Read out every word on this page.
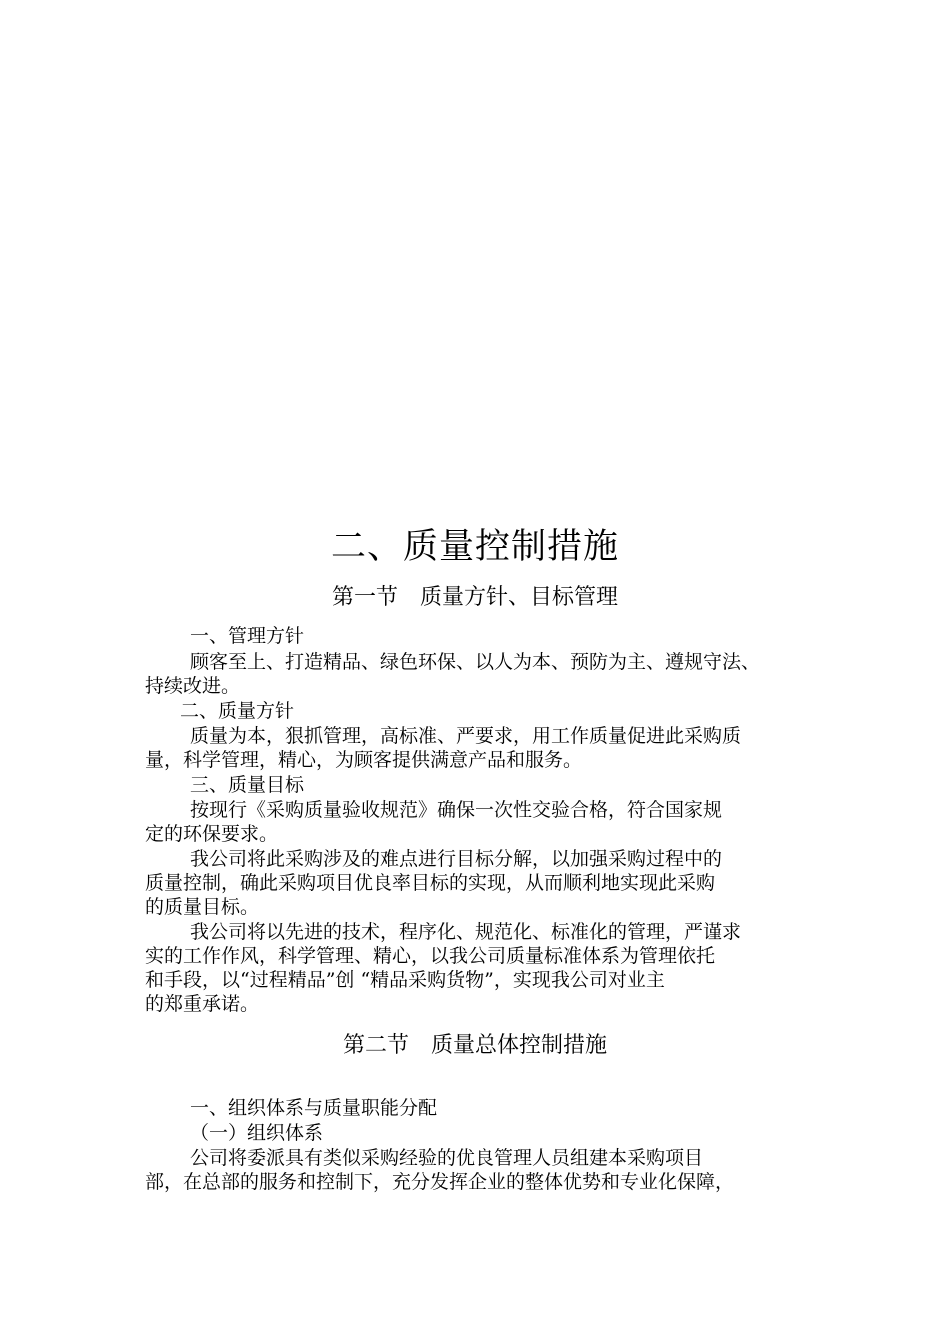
二、质量控制措施
第一节　质量方针、目标管理
一、管理方针
顾客至上、打造精品、绿色环保、以人为本、预防为主、遵规守法、
持续改进。
二、质量方针
质量为本，狠抓管理，高标准、严要求，用工作质量促进此采购质
量，科学管理，精心，为顾客提供满意产品和服务。
三、质量目标
按现行《采购质量验收规范》确保一次性交验合格，符合国家规
定的环保要求。
我公司将此采购涉及的难点进行目标分解，以加强采购过程中的
质量控制，确此采购项目优良率目标的实现，从而顺利地实现此采购
的质量目标。
我公司将以先进的技术，程序化、规范化、标准化的管理，严谨求
实的工作作风，科学管理、精心，以我公司质量标准体系为管理依托
和手段，以“过程精品”创 “精品采购货物”，实现我公司对业主
的郑重承诺。
第二节　质量总体控制措施
一、组织体系与质量职能分配
（一）组织体系
公司将委派具有类似采购经验的优良管理人员组建本采购项目
部，在总部的服务和控制下，充分发挥企业的整体优势和专业化保障，
